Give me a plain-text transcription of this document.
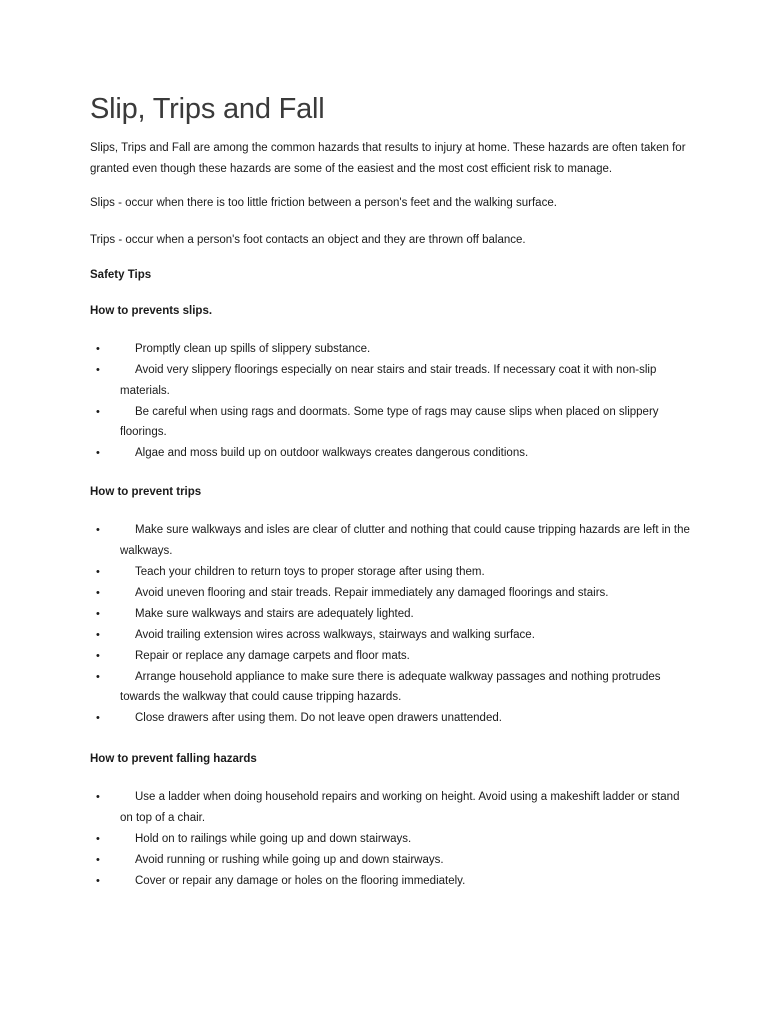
Slip, Trips and Fall

Slips, Trips and Fall are among the common hazards that results to injury at home. These hazards are often taken for granted even though these hazards are some of the easiest and the most cost efficient risk to manage.

Slips - occur when there is too little friction between a person's feet and the walking surface.

Trips - occur when a person's foot contacts an object and they are thrown off balance.

Safety Tips
How to prevents slips.
•	Promptly clean up spills of slippery substance.
•	Avoid very slippery floorings especially on near stairs and stair treads. If necessary coat it with non-slip materials.
•	Be careful when using rags and doormats. Some type of rags may cause slips when placed on slippery floorings.
•	Algae and moss build up on outdoor walkways creates dangerous conditions.
How to prevent trips
•	Make sure walkways and isles are clear of clutter and nothing that could cause tripping hazards are left in the walkways.
•	Teach your children to return toys to proper storage after using them.
•	Avoid uneven flooring and stair treads. Repair immediately any damaged floorings and stairs.
•	Make sure walkways and stairs are adequately lighted.
•	Avoid trailing extension wires across walkways, stairways and walking surface.
•	Repair or replace any damage carpets and floor mats.
•	Arrange household appliance to make sure there is adequate walkway passages and nothing protrudes towards the walkway that could cause tripping hazards.
•	Close drawers after using them. Do not leave open drawers unattended.
How to prevent falling hazards
•	Use a ladder when doing household repairs and working on height. Avoid using a makeshift ladder or stand on top of a chair.
•	Hold on to railings while going up and down stairways.
•	Avoid running or rushing while going up and down stairways.
•	Cover or repair any damage or holes on the flooring immediately.
